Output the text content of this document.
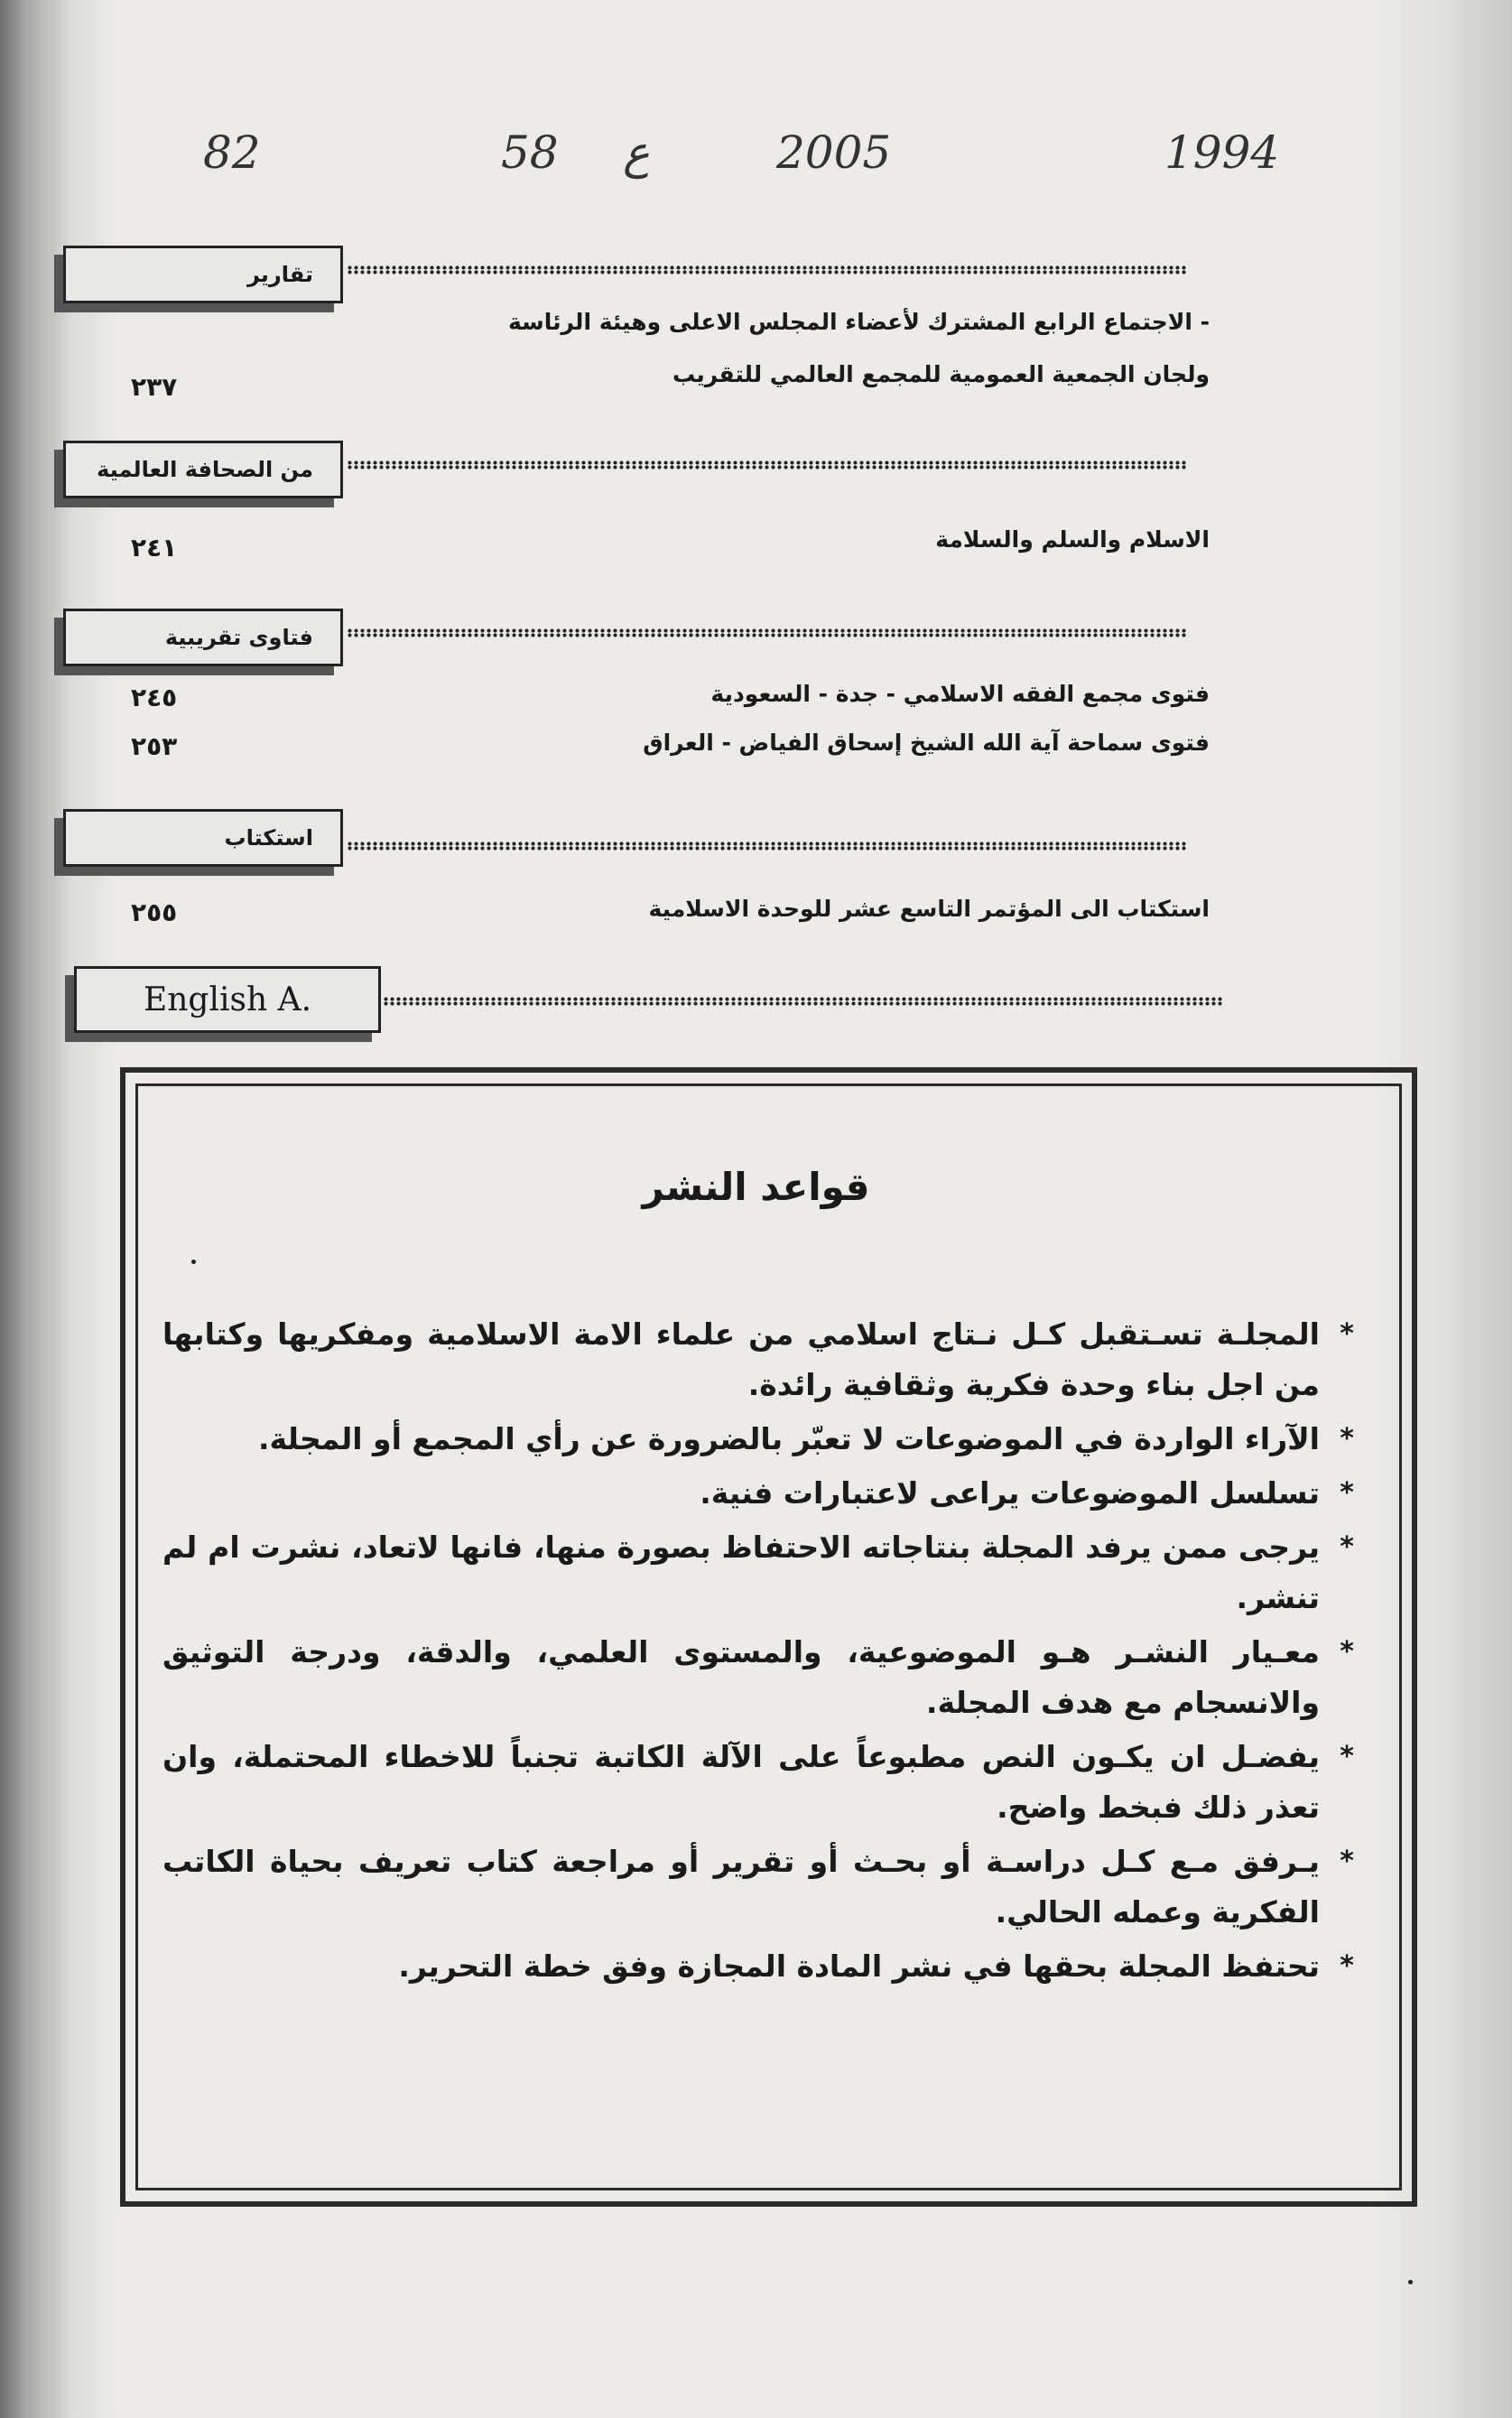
1994
2005
ع
58
82
تقارير
- الاجتماع الرابع المشترك لأعضاء المجلس الاعلى وهيئة الرئاسة
ولجان الجمعية العمومية للمجمع العالمي للتقريب
٢٣٧
من الصحافة العالمية
الاسلام والسلم والسلامة
٢٤١
فتاوى تقريبية
فتوى مجمع الفقه الاسلامي - جدة - السعودية
٢٤٥
فتوى سماحة آية الله الشيخ إسحاق الفياض - العراق
٢٥٣
استكتاب
استكتاب الى المؤتمر التاسع عشر للوحدة الاسلامية
٢٥٥
English A.
قواعد النشر
*
المجلـة تسـتقبل كـل نـتاج اسلامي من علماء الامة الاسلامية ومفكريها وكتابها من اجل بناء وحدة فكرية وثقافية رائدة.
*
الآراء الواردة في الموضوعات لا تعبّر بالضرورة عن رأي المجمع أو المجلة.
*
تسلسل الموضوعات يراعى لاعتبارات فنية.
*
يرجى ممن يرفد المجلة بنتاجاته الاحتفاظ بصورة منها، فانها لاتعاد، نشرت ام لم تنشر.
*
معـيار النشـر هـو الموضوعية، والمستوى العلمي، والدقة، ودرجة التوثيق والانسجام مع هدف المجلة.
*
يفضـل ان يكـون النص مطبوعاً على الآلة الكاتبة تجنباً للاخطاء المحتملة، وان تعذر ذلك فبخط واضح.
*
يـرفق مـع كـل دراسـة أو بحـث أو تقرير أو مراجعة كتاب تعريف بحياة الكاتب الفكرية وعمله الحالي.
*
تحتفظ المجلة بحقها في نشر المادة المجازة وفق خطة التحرير.
